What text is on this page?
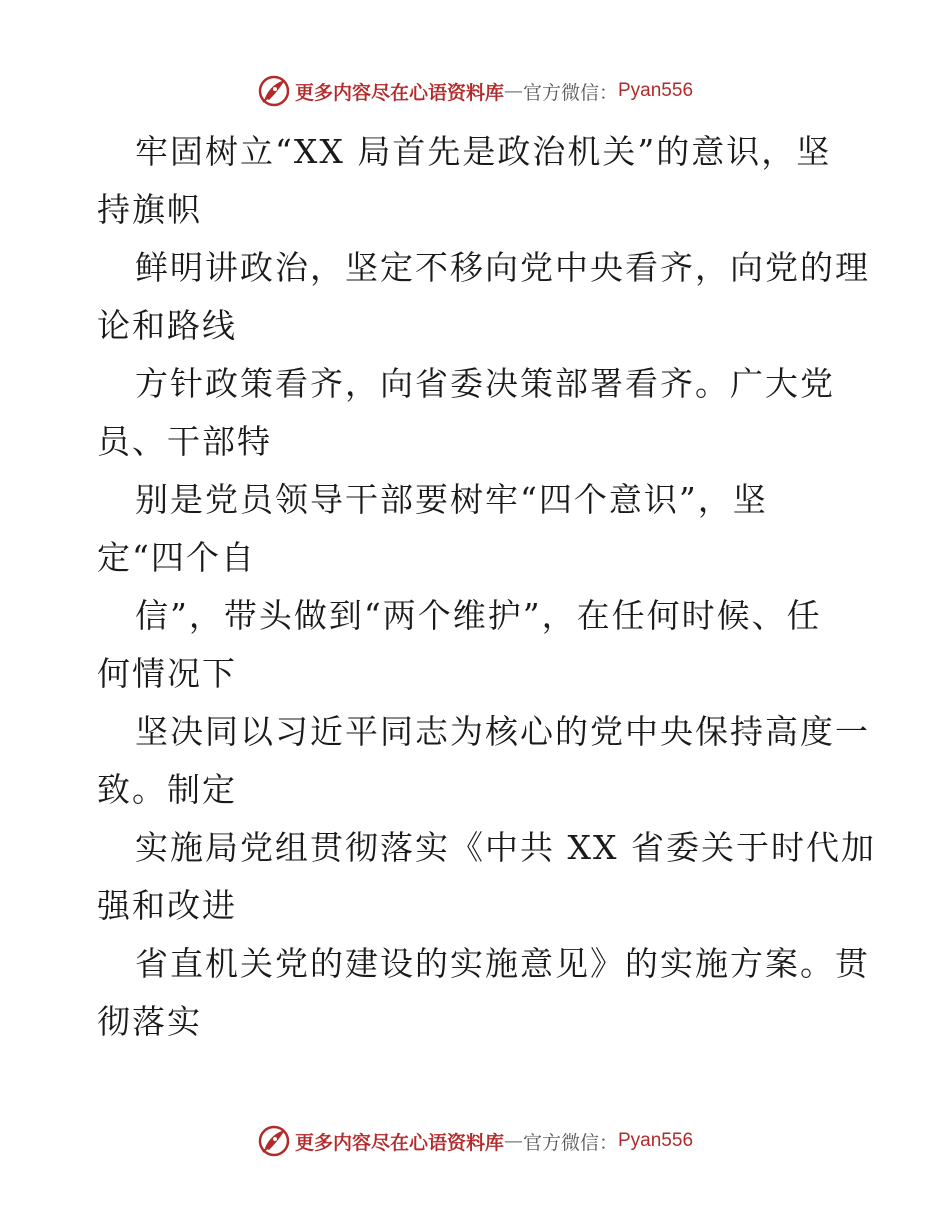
更多内容尽在心语资料库 — 官方微信： Pyan556
牢固树立“XX 局首先是政治机关”的意识，坚
持旗帜
鲜明讲政治，坚定不移向党中央看齐，向党的理
论和路线
方针政策看齐，向省委决策部署看齐。广大党
员、干部特
别是党员领导干部要树牢“四个意识”，坚
定“四个自
信”，带头做到“两个维护”，在任何时候、任
何情况下
坚决同以习近平同志为核心的党中央保持高度一
致。制定
实施局党组贯彻落实《中共 XX 省委关于时代加
强和改进
省直机关党的建设的实施意见》的实施方案。贯
彻落实
更多内容尽在心语资料库 — 官方微信： Pyan556
